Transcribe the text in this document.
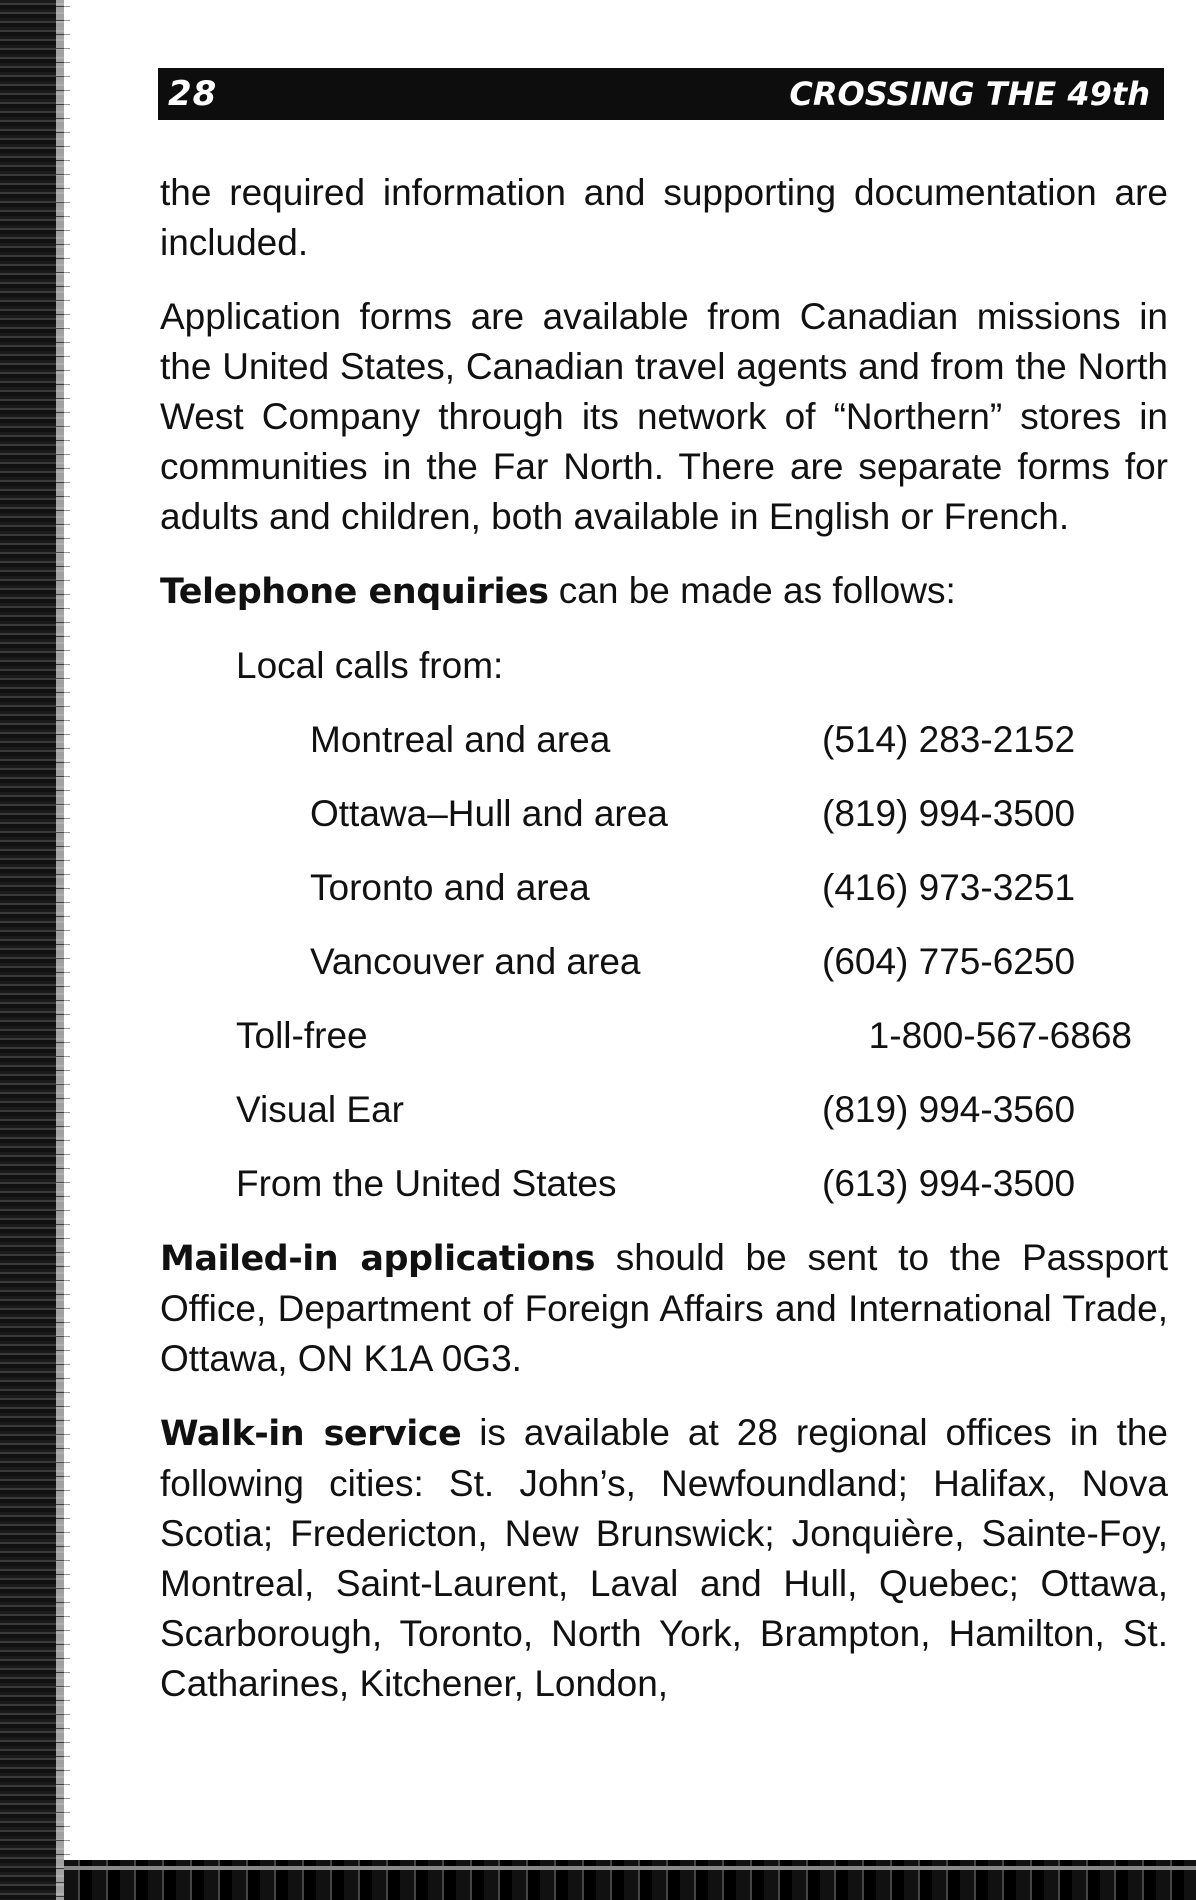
28	CROSSING THE 49th

the required information and supporting documentation are included.

Application forms are available from Canadian missions in the United States, Canadian travel agents and from the North West Company through its network of “Northern” stores in communities in the Far North. There are separate forms for adults and children, both available in English or French.

Telephone enquiries can be made as follows:

Local calls from:
Montreal and area	(514) 283-2152
Ottawa–Hull and area	(819) 994-3500
Toronto and area	(416) 973-3251
Vancouver and area	(604) 775-6250
Toll-free	1-800-567-6868
Visual Ear	(819) 994-3560
From the United States	(613) 994-3500

Mailed-in applications should be sent to the Passport Office, Department of Foreign Affairs and International Trade, Ottawa, ON K1A 0G3.

Walk-in service is available at 28 regional offices in the following cities: St. John’s, Newfoundland; Halifax, Nova Scotia; Fredericton, New Brunswick; Jonquière, Sainte-Foy, Montreal, Saint-Laurent, Laval and Hull, Quebec; Ottawa, Scarborough, Toronto, North York, Brampton, Hamilton, St. Catharines, Kitchener, London,
